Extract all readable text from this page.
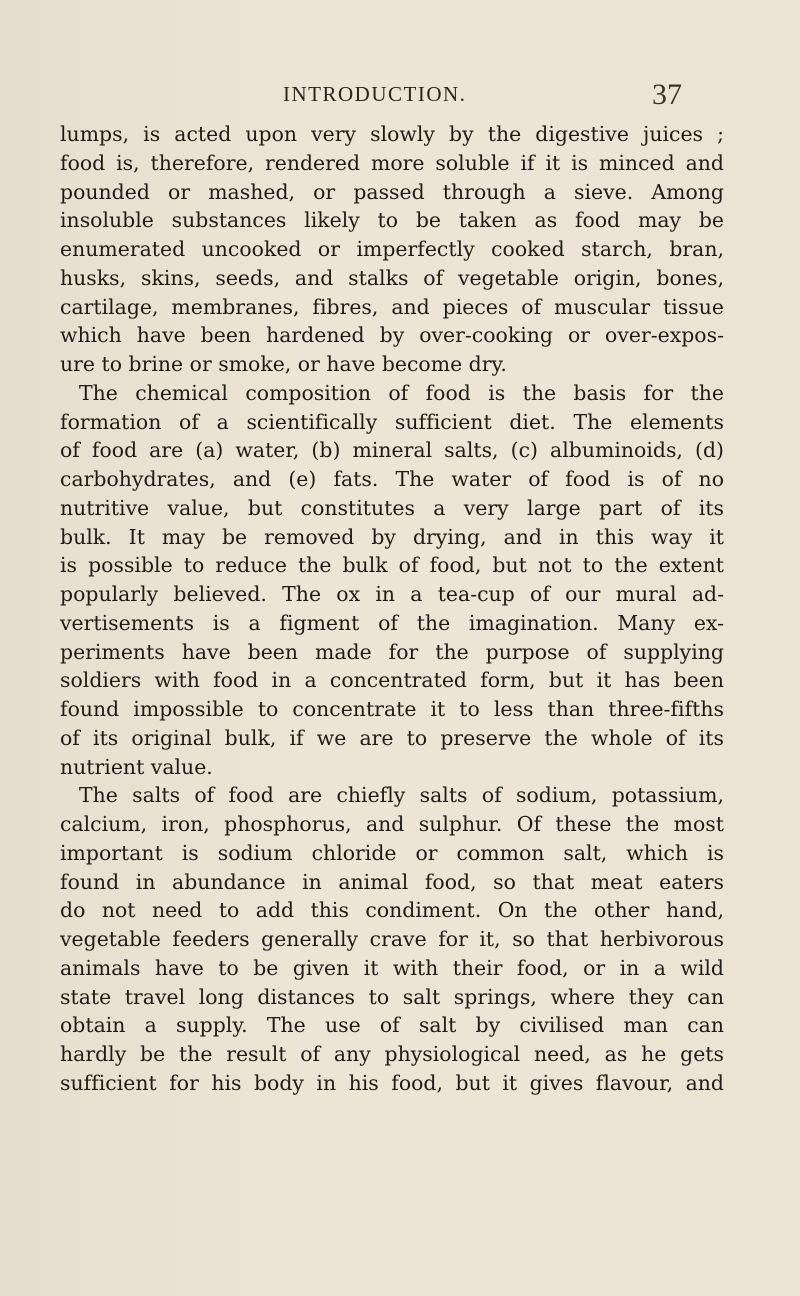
INTRODUCTION.	37
lumps, is acted upon very slowly by the digestive juices ;
food is, therefore, rendered more soluble if it is minced and
pounded or mashed, or passed through a sieve. Among
insoluble substances likely to be taken as food may be
enumerated uncooked or imperfectly cooked starch, bran,
husks, skins, seeds, and stalks of vegetable origin, bones,
cartilage, membranes, fibres, and pieces of muscular tissue
which have been hardened by over-cooking or over-expos-
ure to brine or smoke, or have become dry.
The chemical composition of food is the basis for the
formation of a scientifically sufficient diet. The elements
of food are (a) water, (b) mineral salts, (c) albuminoids, (d)
carbohydrates, and (e) fats. The water of food is of no
nutritive value, but constitutes a very large part of its
bulk. It may be removed by drying, and in this way it
is possible to reduce the bulk of food, but not to the extent
popularly believed. The ox in a tea-cup of our mural ad-
vertisements is a figment of the imagination. Many ex-
periments have been made for the purpose of supplying
soldiers with food in a concentrated form, but it has been
found impossible to concentrate it to less than three-fifths
of its original bulk, if we are to preserve the whole of its
nutrient value.
The salts of food are chiefly salts of sodium, potassium,
calcium, iron, phosphorus, and sulphur. Of these the most
important is sodium chloride or common salt, which is
found in abundance in animal food, so that meat eaters
do not need to add this condiment. On the other hand,
vegetable feeders generally crave for it, so that herbivorous
animals have to be given it with their food, or in a wild
state travel long distances to salt springs, where they can
obtain a supply. The use of salt by civilised man can
hardly be the result of any physiological need, as he gets
sufficient for his body in his food, but it gives flavour, and
